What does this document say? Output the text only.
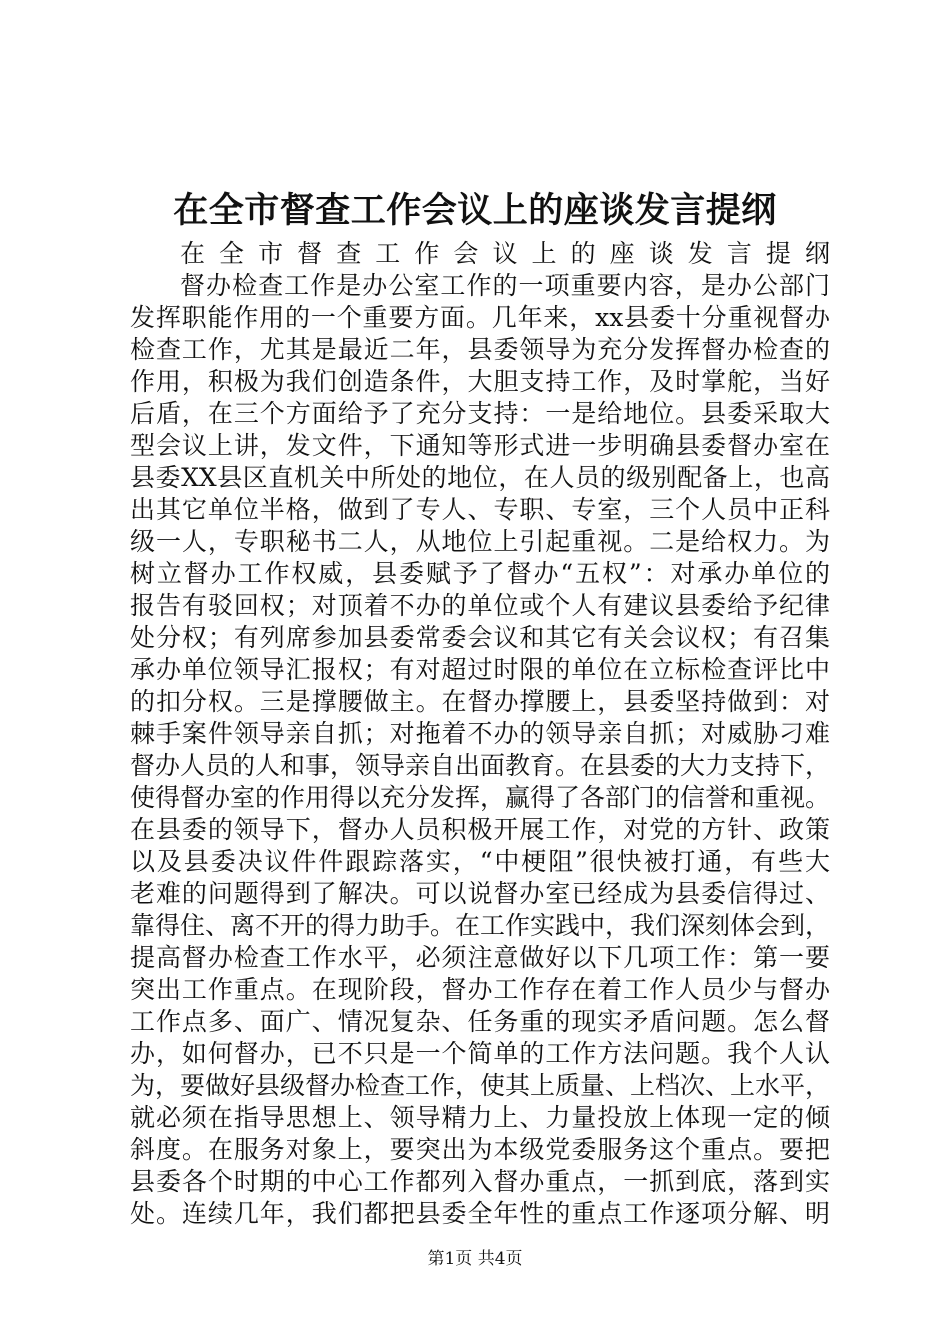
在全市督查工作会议上的座谈发言提纲
在全市督查工作会议上的座谈发言提纲
督办检查工作是办公室工作的一项重要内容，是办公部门
发挥职能作用的一个重要方面。几年来，xx县委十分重视督办
检查工作，尤其是最近二年，县委领导为充分发挥督办检查的
作用，积极为我们创造条件，大胆支持工作，及时掌舵，当好
后盾，在三个方面给予了充分支持：一是给地位。县委采取大
型会议上讲，发文件，下通知等形式进一步明确县委督办室在
县委XX县区直机关中所处的地位，在人员的级别配备上，也高
出其它单位半格，做到了专人、专职、专室，三个人员中正科
级一人，专职秘书二人，从地位上引起重视。二是给权力。为
树立督办工作权威，县委赋予了督办“五权”：对承办单位的
报告有驳回权；对顶着不办的单位或个人有建议县委给予纪律
处分权；有列席参加县委常委会议和其它有关会议权；有召集
承办单位领导汇报权；有对超过时限的单位在立标检查评比中
的扣分权。三是撑腰做主。在督办撑腰上，县委坚持做到：对
棘手案件领导亲自抓；对拖着不办的领导亲自抓；对威胁刁难
督办人员的人和事，领导亲自出面教育。在县委的大力支持下，
使得督办室的作用得以充分发挥，赢得了各部门的信誉和重视。
在县委的领导下，督办人员积极开展工作，对党的方针、政策
以及县委决议件件跟踪落实，“中梗阻”很快被打通，有些大
老难的问题得到了解决。可以说督办室已经成为县委信得过、
靠得住、离不开的得力助手。在工作实践中，我们深刻体会到，
提高督办检查工作水平，必须注意做好以下几项工作：第一要
突出工作重点。在现阶段，督办工作存在着工作人员少与督办
工作点多、面广、情况复杂、任务重的现实矛盾问题。怎么督
办，如何督办，已不只是一个简单的工作方法问题。我个人认
为，要做好县级督办检查工作，使其上质量、上档次、上水平，
就必须在指导思想上、领导精力上、力量投放上体现一定的倾
斜度。在服务对象上，要突出为本级党委服务这个重点。要把
县委各个时期的中心工作都列入督办重点，一抓到底，落到实
处。连续几年，我们都把县委全年性的重点工作逐项分解、明
第1页 共4页
